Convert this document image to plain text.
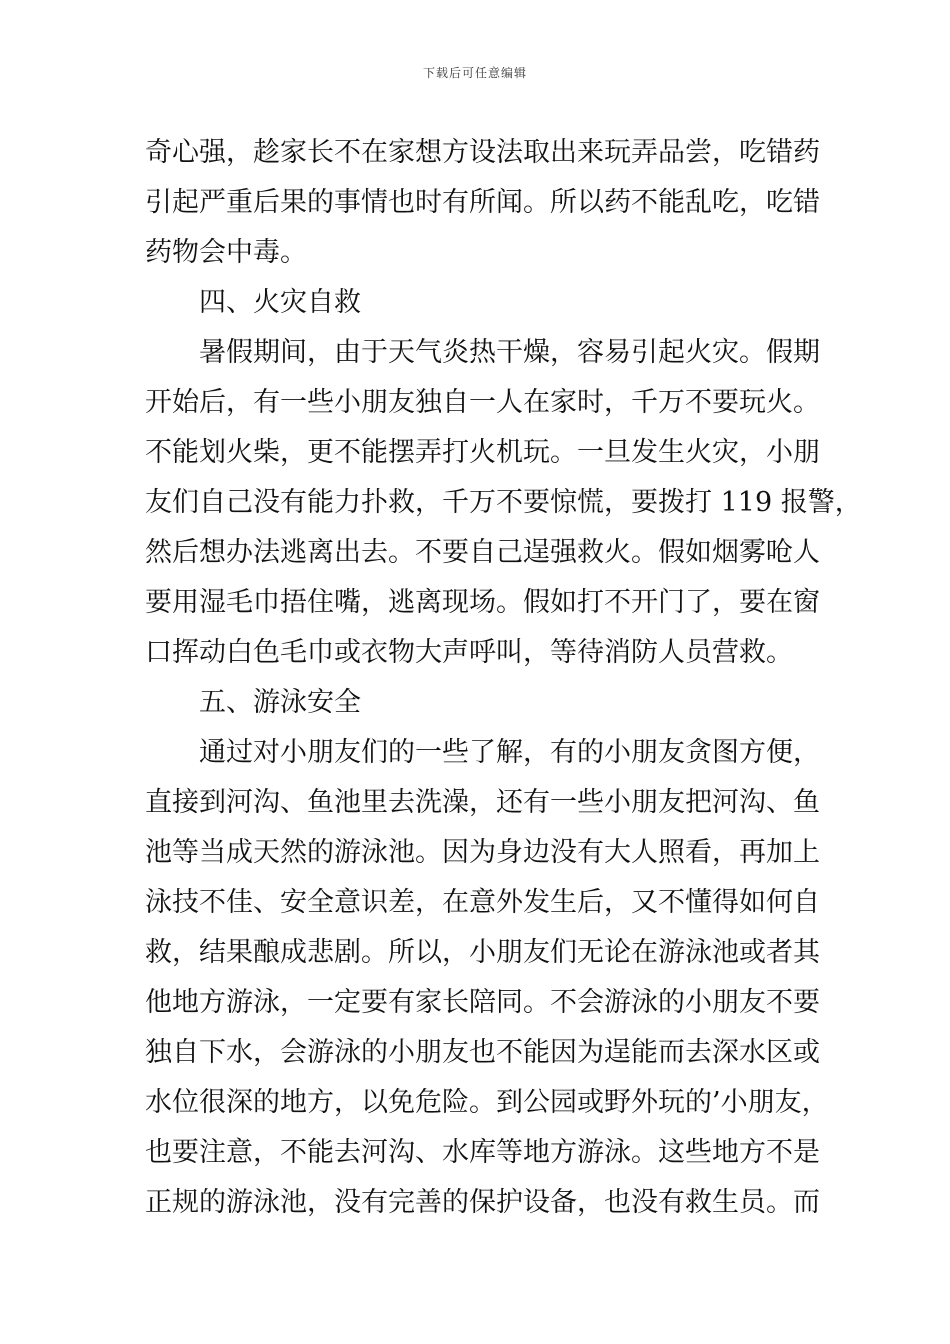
下载后可任意编辑
奇心强，趁家长不在家想方设法取出来玩弄品尝，吃错药
引起严重后果的事情也时有所闻。所以药不能乱吃，吃错
药物会中毒。
四、火灾自救
暑假期间，由于天气炎热干燥，容易引起火灾。假期
开始后，有一些小朋友独自一人在家时，千万不要玩火。
不能划火柴，更不能摆弄打火机玩。一旦发生火灾，小朋
友们自己没有能力扑救，千万不要惊慌，要拨打 119 报警，
然后想办法逃离出去。不要自己逞强救火。假如烟雾呛人
要用湿毛巾捂住嘴，逃离现场。假如打不开门了，要在窗
口挥动白色毛巾或衣物大声呼叫，等待消防人员营救。
五、游泳安全
通过对小朋友们的一些了解，有的小朋友贪图方便，
直接到河沟、鱼池里去洗澡，还有一些小朋友把河沟、鱼
池等当成天然的游泳池。因为身边没有大人照看，再加上
泳技不佳、安全意识差，在意外发生后，又不懂得如何自
救，结果酿成悲剧。所以，小朋友们无论在游泳池或者其
他地方游泳，一定要有家长陪同。不会游泳的小朋友不要
独自下水，会游泳的小朋友也不能因为逞能而去深水区或
水位很深的地方，以免危险。到公园或野外玩的’小朋友，
也要注意，不能去河沟、水库等地方游泳。这些地方不是
正规的游泳池，没有完善的保护设备，也没有救生员。而
